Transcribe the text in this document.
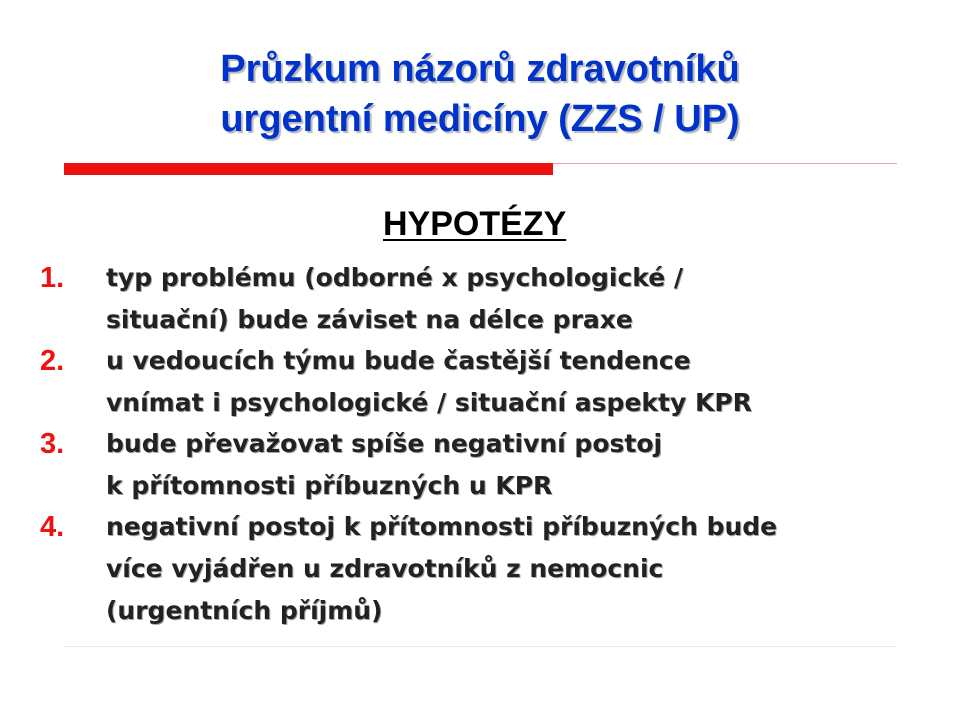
Průzkum názorů zdravotníků
urgentní medicíny (ZZS / UP)
HYPOTÉZY
1. typ problému (odborné x psychologické /
situační) bude záviset na délce praxe
2. u vedoucích týmu bude častější tendence
vnímat i psychologické / situační aspekty KPR
3. bude převažovat spíše negativní postoj
k přítomnosti příbuzných u KPR
4. negativní postoj k přítomnosti příbuzných bude
více vyjádřen u zdravotníků z nemocnic
(urgentních příjmů)
